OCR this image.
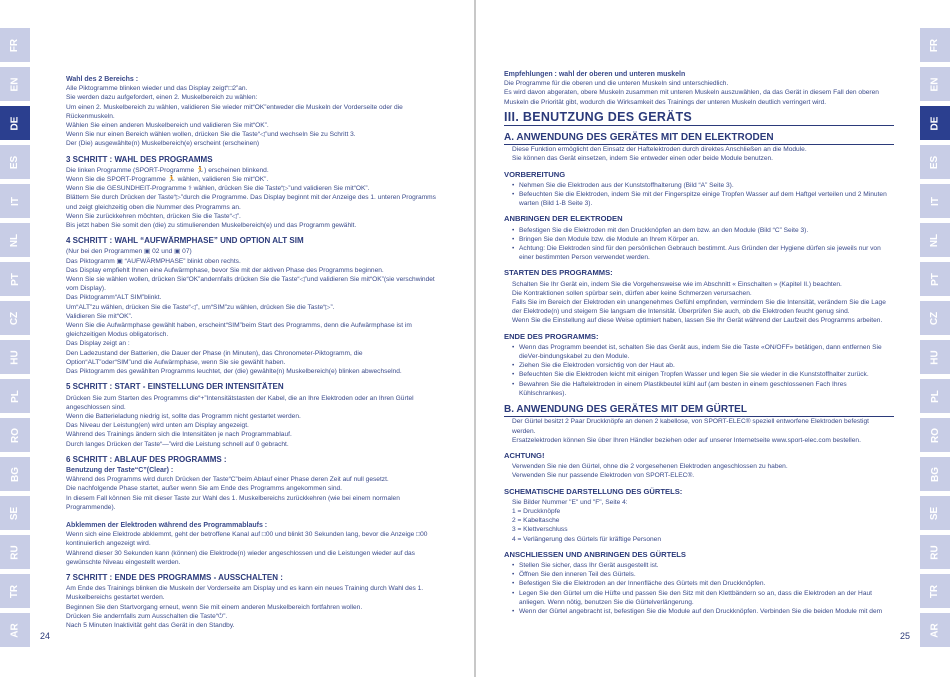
FR
EN
DE
ES
IT
NL
PT
CZ
HU
PL
RO
BG
SE
RU
TR
AR
Wahl des 2 Bereichs :

Alle Piktogramme blinken wieder und das Display zeigt“□2”an.

Sie werden dazu aufgefordert, einen 2. Muskelbereich zu wählen:

Um einen 2. Muskelbereich zu wählen, validieren Sie wieder mit“OK”entweder die Muskeln der Vorderseite oder die Rückenmuskeln.

Wählen Sie einen anderen Muskelbereich und validieren Sie mit“OK”.

Wenn Sie nur einen Bereich wählen wollen, drücken Sie die Taste“◁”und wechseln Sie zu Schritt 3.

Der (Die) ausgewählte(n) Muskelbereich(e) erscheint (erscheinen)

3 SCHRITT : WAHL DES PROGRAMMS

Die linken Programme (SPORT-Programme 🏃) erscheinen blinkend.

Wenn Sie die SPORT-Programme 🏃 wählen, validieren Sie mit“OK”.

Wenn Sie die GESUNDHEIT-Programme ⚕ wählen, drücken Sie die Taste“▷”und validieren Sie mit“OK”.

Blättern Sie durch Drücken der Taste“▷”durch die Programme. Das Display beginnt mit der Anzeige des 1. unteren Programms und zeigt gleichzeitig oben die Nummer des Programms an.

Wenn Sie zurückkehren möchten, drücken Sie die Taste“◁”.

Bis jetzt haben Sie somit den (die) zu stimulierenden Muskelbereich(e) und das Programm gewählt.

4 SCHRITT : WAHL “AUFWÄRMPHASE” UND OPTION ALT SIM

(Nur bei den Programmen ▣ 02 und ▣ 07)

Das Piktogramm ▣ “AUFWÄRMPHASE” blinkt oben rechts.

Das Display empfiehlt Ihnen eine Aufwärmphase, bevor Sie mit der aktiven Phase des Programms beginnen.

Wenn Sie sie wählen wollen, drücken Sie“OK”andernfalls drücken Sie die Taste“◁”und validieren Sie mit“OK”(sie verschwindet vom Display).

Das Piktogramm“ALT SIM”blinkt.

Um“ALT”zu wählen, drücken Sie die Taste“◁”, um“SIM”zu wählen, drücken Sie die Taste“▷”.

Validieren Sie mit“OK”.

Wenn Sie die Aufwärmphase gewählt haben, erscheint“SIM”beim Start des Programms, denn die Aufwärmphase ist im gleichzeitigen Modus obligatorisch.

Das Display zeigt an :

Den Ladezustand der Batterien, die Dauer der Phase (in Minuten), das Chronometer-Piktogramm, die Option“ALT”oder“SIM”und die Aufwärmphase, wenn Sie sie gewählt haben.

Das Piktogramm des gewählten Programms leuchtet, der (die) gewählte(n) Muskelbereich(e) blinken abwechselnd.

5 SCHRITT : START - EINSTELLUNG DER INTENSITÄTEN

Drücken Sie zum Starten des Programms die“+”Intensitätstasten der Kabel, die an Ihre Elektroden oder an Ihren Gürtel angeschlossen sind.

Wenn die Batterieladung niedrig ist, sollte das Programm nicht gestartet werden.

Das Niveau der Leistung(en) wird unten am Display angezeigt.

Während des Trainings ändern sich die Intensitäten je nach Programmablauf.

Durch langes Drücken der Taste“—”wird die Leistung schnell auf 0 gebracht.

6 SCHRITT : ABLAUF DES PROGRAMMS :
Benutzung der Taste“C”(Clear) :

Während des Programms wird durch Drücken der Taste“C”beim Ablauf einer Phase deren Zeit auf null gesetzt.

Die nachfolgende Phase startet, außer wenn Sie am Ende des Programms angekommen sind.

In diesem Fall können Sie mit dieser Taste zur Wahl des 1. Muskelbereichs zurückkehren (wie bei einem normalen Programmende).

Abklemmen der Elektroden während des Programmablaufs :

Wenn sich eine Elektrode abklemmt, geht der betroffene Kanal auf □00 und blinkt 30 Sekunden lang, bevor die Anzeige □00 kontinuierlich angezeigt wird.

Während dieser 30 Sekunden kann (können) die Elektrode(n) wieder angeschlossen und die Leistungen wieder auf das gewünschte Niveau eingestellt werden.

7 SCHRITT : ENDE DES PROGRAMMS - AUSSCHALTEN :

Am Ende des Trainings blinken die Muskeln der Vorderseite am Display und es kann ein neues Training durch Wahl des 1. Muskelbereichs gestartet werden.

Beginnen Sie den Startvorgang erneut, wenn Sie mit einem anderen Muskelbereich fortfahren wollen.

Drücken Sie andernfalls zum Ausschalten die Taste“⏻”.

Nach 5 Minuten Inaktivität geht das Gerät in den Standby.

24
FR
EN
DE
ES
IT
NL
PT
CZ
HU
PL
RO
BG
SE
RU
TR
AR
Empfehlungen : wahl der oberen und unteren muskeln

Die Programme für die oberen und die unteren Muskeln sind unterschiedlich.

Es wird davon abgeraten, obere Muskeln zusammen mit unteren Muskeln auszuwählen, da das Gerät in diesem Fall den oberen Muskeln die Priorität gibt, wodurch die Wirksamkeit des Trainings der unteren Muskeln deutlich verringert wird.

III. BENUTZUNG DES GERÄTS
A. ANWENDUNG DES GERÄTES MIT DEN ELEKTRODEN

Diese Funktion ermöglicht den Einsatz der Haftelektroden durch direktes Anschließen an die Module.

Sie können das Gerät einsetzen, indem Sie entweder einen oder beide Module benutzen.

VORBEREITUNG
• Nehmen Sie die Elektroden aus der Kunststoffhalterung (Bild “A” Seite 3).
• Befeuchten Sie die Elektroden, indem Sie mit der Fingerspitze einige Tropfen Wasser auf dem Haftgel verteilen und 2 Minuten warten (Bild 1-B Seite 3).
ANBRINGEN DER ELEKTRODEN
• Befestigen Sie die Elektroden mit den Druckknöpfen an dem bzw. an den Module (Bild “C” Seite 3).
• Bringen Sie den Module bzw. die Module an Ihrem Körper an.
• Achtung: Die Elektroden sind für den persönlichen Gebrauch bestimmt. Aus Gründen der Hygiene dürfen sie jeweils nur von einer bestimmten Person verwendet werden.
STARTEN DES PROGRAMMS:

Schalten Sie Ihr Gerät ein, indem Sie die Vorgehensweise wie im Abschnitt « Einschalten » (Kapitel II.) beachten.

Die Kontraktionen sollen spürbar sein, dürfen aber keine Schmerzen verursachen.

Falls Sie im Bereich der Elektroden ein unangenehmes Gefühl empfinden, vermindern Sie die Intensität, verändern Sie die Lage der Elektrode(n) und steigern Sie langsam die Intensität. Überprüfen Sie auch, ob die Elektroden feucht genug sind.

Wenn Sie die Einstellung auf diese Weise optimiert haben, lassen Sie Ihr Gerät während der Laufzeit des Programms arbeiten.

ENDE DES PROGRAMMS:
• Wenn das Programm beendet ist, schalten Sie das Gerät aus, indem Sie die Taste «ON/OFF» betätigen, dann entfernen Sie dieVer-bindungskabel zu den Module.
• Ziehen Sie die Elektroden vorsichtig von der Haut ab.
• Befeuchten Sie die Elektroden leicht mit einigen Tropfen Wasser und legen Sie sie wieder in die Kunststoffhalter zurück.
• Bewahren Sie die Haftelektroden in einem Plastikbeutel kühl auf (am besten in einem geschlossenen Fach Ihres Kühlschrankes).
B. ANWENDUNG DES GERÄTES MIT DEM GÜRTEL

Der Gürtel besitzt 2 Paar Druckknöpfe an denen 2 kabellose, von SPORT-ELEC® speziell entworfene Elektroden befestigt werden.

Ersatzelektroden können Sie über Ihren Händler beziehen oder auf unserer Internetseite www.sport-elec.com bestellen.

ACHTUNG!

Verwenden Sie nie den Gürtel, ohne die 2 vorgesehenen Elektroden angeschlossen zu haben.

Verwenden Sie nur passende Elektroden von SPORT-ELEC®.

SCHEMATISCHE DARSTELLUNG DES GÜRTELS:

Sie Bilder Nummer "E" und "F", Seite 4:

1 = Druckknöpfe

2 = Kabeltasche

3 = Klettverschluss

4 = Verlängerung des Gürtels für kräftige Personen

ANSCHLIESSEN UND ANBRINGEN DES GÜRTELS
• Stellen Sie sicher, dass Ihr Gerät ausgestellt ist.
• Öffnen Sie den inneren Teil des Gürtels.
• Befestigen Sie die Elektroden an der Innenfläche des Gürtels mit den Druckknöpfen.
• Legen Sie den Gürtel um die Hüfte und passen Sie den Sitz mit den Klettbändern so an, dass die Elektroden an der Haut anliegen. Wenn nötig, benutzen Sie die Gürtelverlängerung.
• Wenn der Gürtel angebracht ist, befestigen Sie die Module auf den Druckknöpfen. Verbinden Sie die beiden Module mit dem
25
